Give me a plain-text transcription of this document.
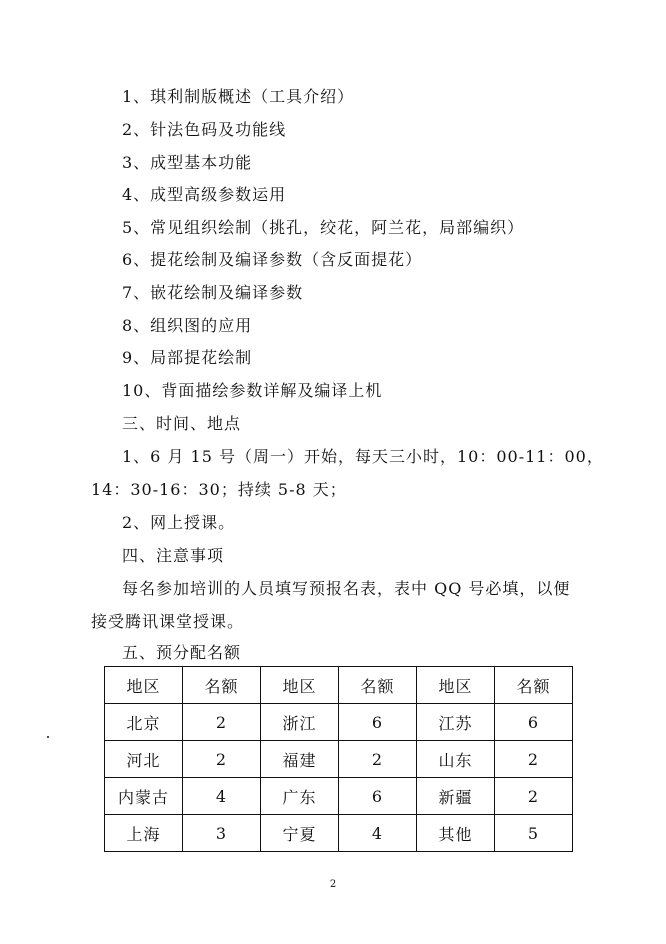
1、琪利制版概述（工具介绍）
2、针法色码及功能线
3、成型基本功能
4、成型高级参数运用
5、常见组织绘制（挑孔，绞花，阿兰花，局部编织）
6、提花绘制及编译参数（含反面提花）
7、嵌花绘制及编译参数
8、组织图的应用
9、局部提花绘制
10、背面描绘参数详解及编译上机
三、时间、地点
1、6 月 15 号（周一）开始，每天三小时，10：00-11：00，
14：30-16：30；持续 5-8 天；
2、网上授课。
四、注意事项
每名参加培训的人员填写预报名表，表中 QQ 号必填，以便
接受腾讯课堂授课。
五、预分配名额
地区	名额	地区	名额	地区	名额
北京	2	浙江	6	江苏	6
河北	2	福建	2	山东	2
内蒙古	4	广东	6	新疆	2
上海	3	宁夏	4	其他	5
2
